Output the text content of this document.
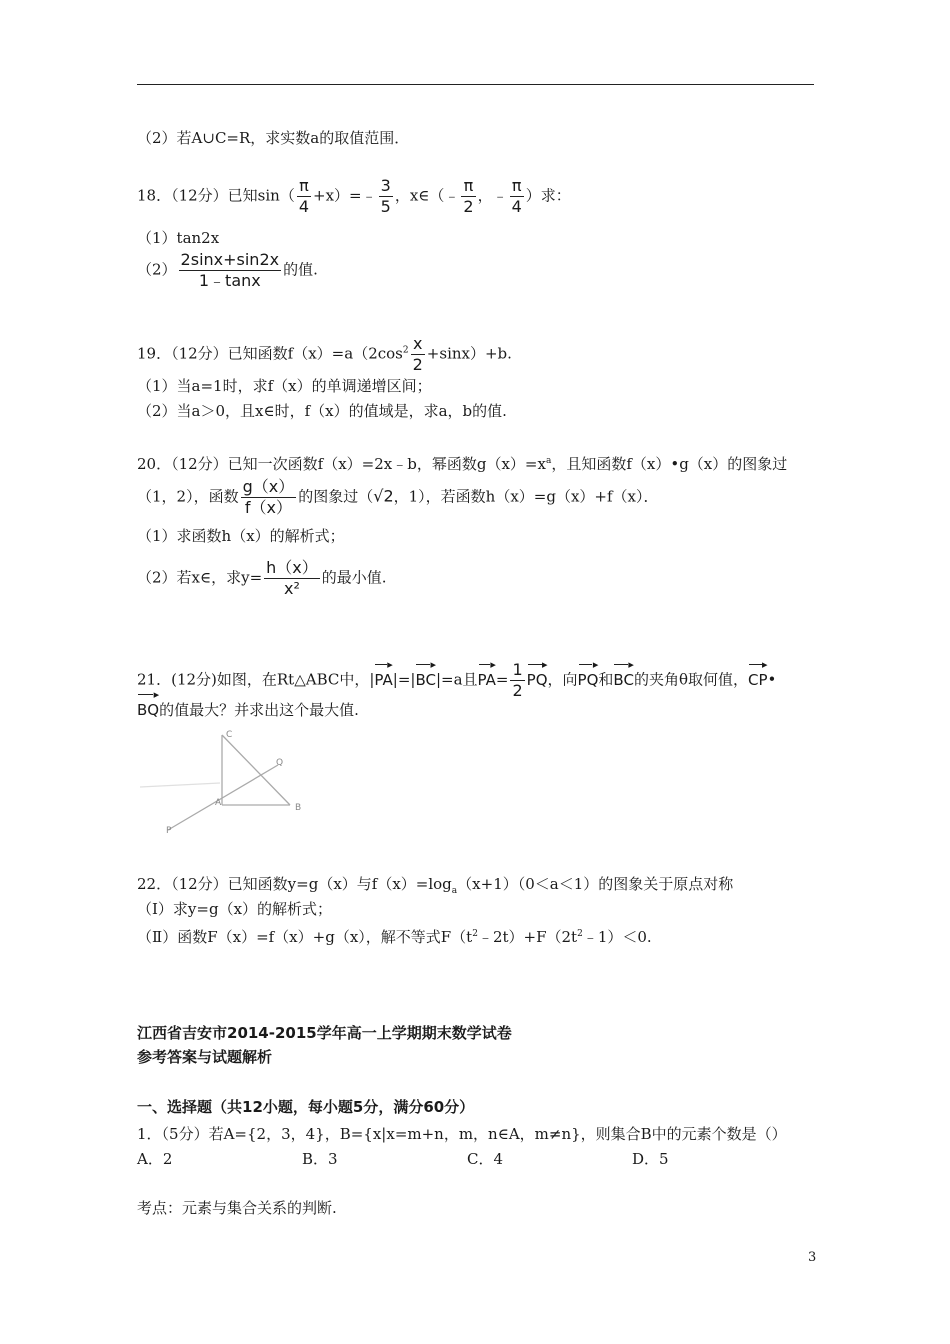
（2）若A∪C=R，求实数a的取值范围．
18．（12分）已知$\sin( \frac{\pi}{4}$ +x）=﹣ $\frac{3}{5}$ ，x∈（﹣ $\frac{\pi}{2}$ ，﹣ $\frac{\pi}{4}$ ）求：
（1）tan2x
$(2) \frac{2\sin x+\sin 2x}{1﹣\tan x}$ 的值.
19．（12分）已知函数$f(x)=a(2\cos^2 \frac{x}{2} +\sin x)+b$.
（1）当a=1时，求f（x）的单调递增区间；
（2）当a＞0，且x∈时，f（x）的值域是，求a，b的值.
20．（12分）已知一次函数f（x）=2x﹣b，幂函数$g(x)=x^a$，且知函数f（x）•g（x）的图象过
（1，2），函数 $\frac{g(x)}{f(x)}$ 的图象过（√2，1），若函数h（x）=g（x）+f（x）．
（1）求函数h（x）的解析式；
（2）若x∈，求$y= \frac{h(x)}{\text{x²}}$ 的最小值.
21．(12分)如图，在Rt△ABC中，|
▸
PA|=|
▸
BC|=a且
▸
$PA= \frac{1}{2}$	▸
PQ，向
▸
PQ和
▸
BC的夹角θ取何值，
▸
CP•
▸
BQ的值最大？并求出这个最大值.
C
Q
A	B
P
22．（12分）已知函数y=g（x）与$f(x)=\log_a(x+1)(0<a<1)$的图象关于原点对称
（Ⅰ）求y=g（x）的解析式；
（Ⅱ）函数F（x）=f（x）+g（x），解不等式$F(t^2﹣2t)+F(2t^2﹣1)<0$.
江西省吉安市2014-2015学年高一上学期期末数学试卷
参考答案与试题解析
一、选择题（共12小题，每小题5分，满分60分）
1．（5分）若A={2，3，4}，B={x|x=m+n，m，n∈A，m≠n}，则集合B中的元素个数是（）
A．2	B．3	C．4	D．5
考点：元素与集合关系的判断.
3
